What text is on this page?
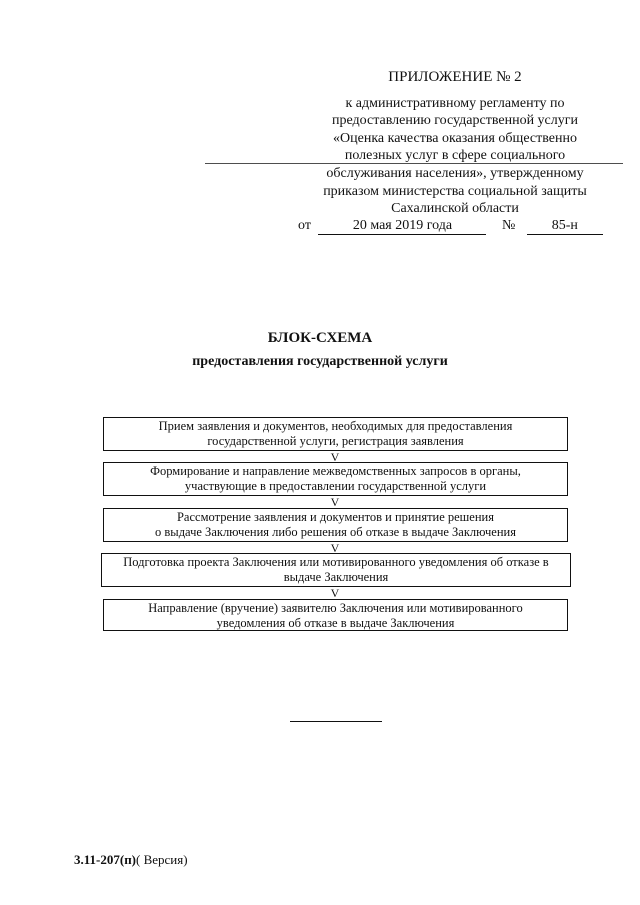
ПРИЛОЖЕНИЕ № 2
к административному регламенту по
предоставлению государственной услуги
«Оценка качества оказания общественно
полезных услуг в сфере социального
обслуживания населения», утвержденному
приказом министерства социальной защиты
Сахалинской области
от	20 мая 2019 года	№	85-н
БЛОК-СХЕМА
предоставления государственной услуги
Прием заявления и документов, необходимых для предоставления
государственной услуги, регистрация заявления
V
Формирование и направление межведомственных запросов в органы,
участвующие в предоставлении государственной услуги
V
Рассмотрение заявления и документов и принятие решения
о выдаче Заключения либо решения об отказе в выдаче Заключения
V
Подготовка проекта Заключения или мотивированного уведомления об отказе в
выдаче Заключения
V
Направление (вручение) заявителю Заключения или мотивированного
уведомления об отказе в выдаче Заключения
3.11-207(п)( Версия)
